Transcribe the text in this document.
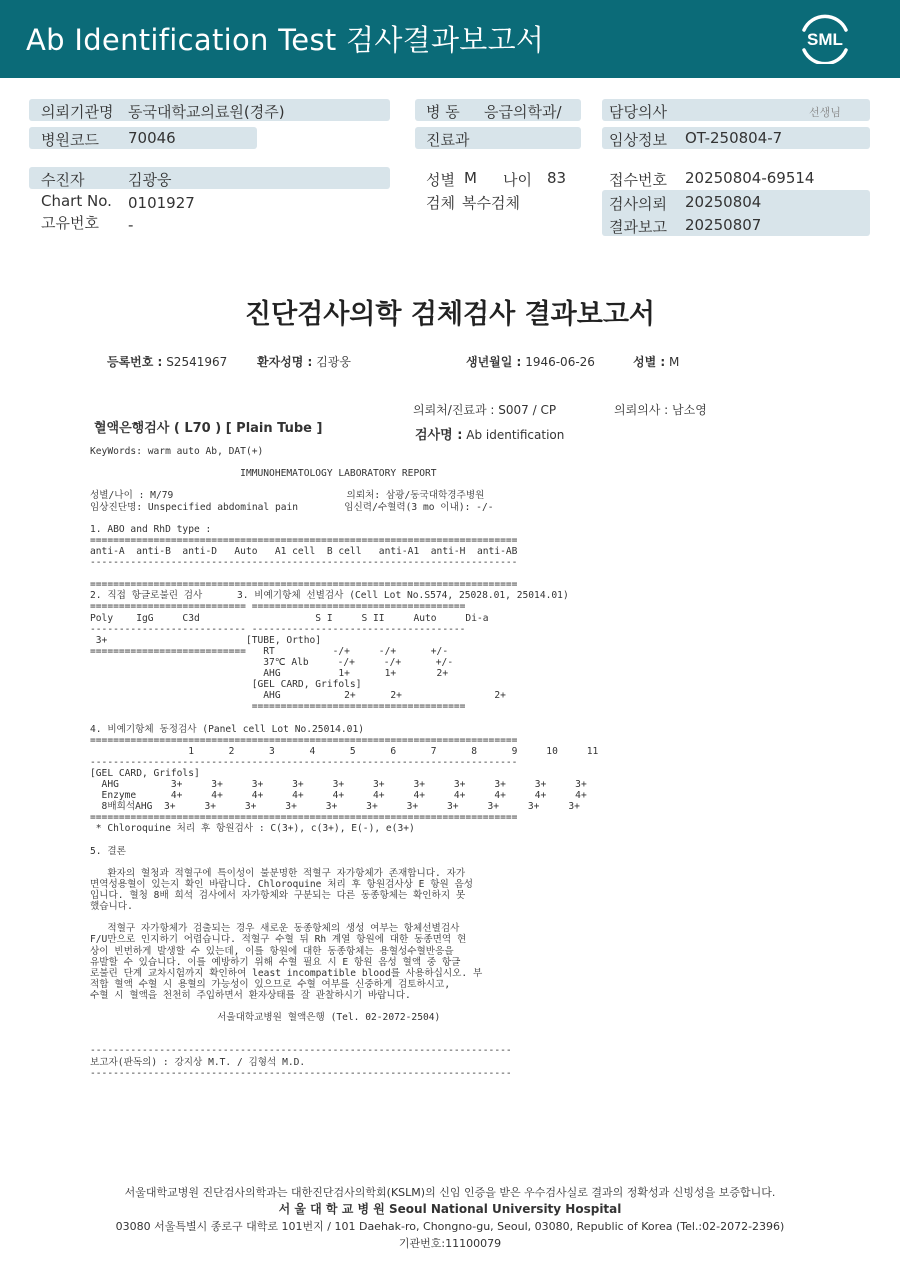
Ab Identification Test 검사결과보고서	SML
의뢰기관명 동국대학교의료원(경주)
병원코드 70046
수진자	김광웅
Chart No. 0101927
고유번호 -
병 동 응급의학과/
진료과
성별 M 나이 83
검체 복수검체
담당의사	선생님
임상정보 OT-250804-7
접수번호 20250804-69514
검사의뢰 20250804
결과보고 20250807
진단검사의학 검체검사 결과보고서
등록번호 : S2541967 환자성명 : 김광웅	생년월일 : 1946-06-26	성별 : M
의뢰처/진료과 : S007 / CP	의뢰의사 : 남소영
혈액은행검사 ( L70 ) [ Plain Tube ]	검사명 : Ab identification
KeyWords: warm auto Ab, DAT(+)
IMMUNOHEMATOLOGY LABORATORY REPORT
성별/나이 : M/79                              의뢰처: 삼광/동국대학경주병원
임상진단명: Unspecified abdominal pain        임신력/수혈력(3 mo 이내): -/-
1. ABO and RhD type :
==========================================================================
anti-A  anti-B  anti-D   Auto   A1 cell  B cell   anti-A1  anti-H  anti-AB
--------------------------------------------------------------------------
==========================================================================
2. 직접 항글로불린 검사      3. 비예기항체 선별검사 (Cell Lot No.S574, 25028.01, 25014.01)
=========================== =====================================
Poly    IgG     C3d                    S I     S II     Auto     Di-a
--------------------------- -------------------------------------
3+                        [TUBE, Ortho]
===========================   RT          -/+     -/+      +/-
37℃ Alb     -/+     -/+      +/-
AHG          1+      1+       2+
[GEL CARD, Grifols]
AHG           2+      2+                2+
=====================================
4. 비예기항체 동정검사 (Panel cell Lot No.25014.01)
==========================================================================
1      2      3      4      5      6      7      8      9     10     11
--------------------------------------------------------------------------
[GEL CARD, Grifols]
AHG         3+     3+     3+     3+     3+     3+     3+     3+     3+     3+     3+
Enzyme      4+     4+     4+     4+     4+     4+     4+     4+     4+     4+     4+
8배희석AHG  3+     3+     3+     3+     3+     3+     3+     3+     3+     3+     3+
==========================================================================
* Chloroquine 처리 후 항원검사 : C(3+), c(3+), E(-), e(3+)
5. 결론
환자의 혈청과 적혈구에 특이성이 불분명한 적혈구 자가항체가 존재합니다. 자가
면역성용혈이 있는지 확인 바랍니다. Chloroquine 처리 후 항원검사상 E 항원 음성
입니다. 혈청 8배 희석 검사에서 자가항체와 구분되는 다른 동종항체는 확인하지 못
했습니다.
적혈구 자가항체가 검출되는 경우 새로운 동종항체의 생성 여부는 항체선별검사
F/U만으로 인지하기 어렵습니다. 적혈구 수혈 뒤 Rh 계열 항원에 대한 동종면역 현
상이 빈번하게 발생할 수 있는데, 이를 항원에 대한 동종항체는 용혈성수혈반응을
유발할 수 있습니다. 이를 예방하기 위해 수혈 필요 시 E 항원 음성 혈액 중 항글
로불린 단계 교차시험까지 확인하여 least incompatible blood를 사용하십시오. 부
적합 혈액 수혈 시 용혈의 가능성이 있으므로 수혈 여부를 신중하게 검토하시고,
수혈 시 혈액을 천천히 주입하면서 환자상태를 잘 관찰하시기 바랍니다.
서울대학교병원 혈액은행 (Tel. 02-2072-2504)
-------------------------------------------------------------------------
보고자(판독의) : 강지상 M.T. / 김형석 M.D.
-------------------------------------------------------------------------
서울대학교병원 진단검사의학과는 대한진단검사의학회(KSLM)의 신임 인증을 받은 우수검사실로 결과의 정확성과 신빙성을 보증합니다.
서 울 대 학 교 병 원 Seoul National University Hospital
03080 서울특별시 종로구 대학로 101번지 / 101 Daehak-ro, Chongno-gu, Seoul, 03080, Republic of Korea (Tel.:02-2072-2396)
기관번호:11100079
